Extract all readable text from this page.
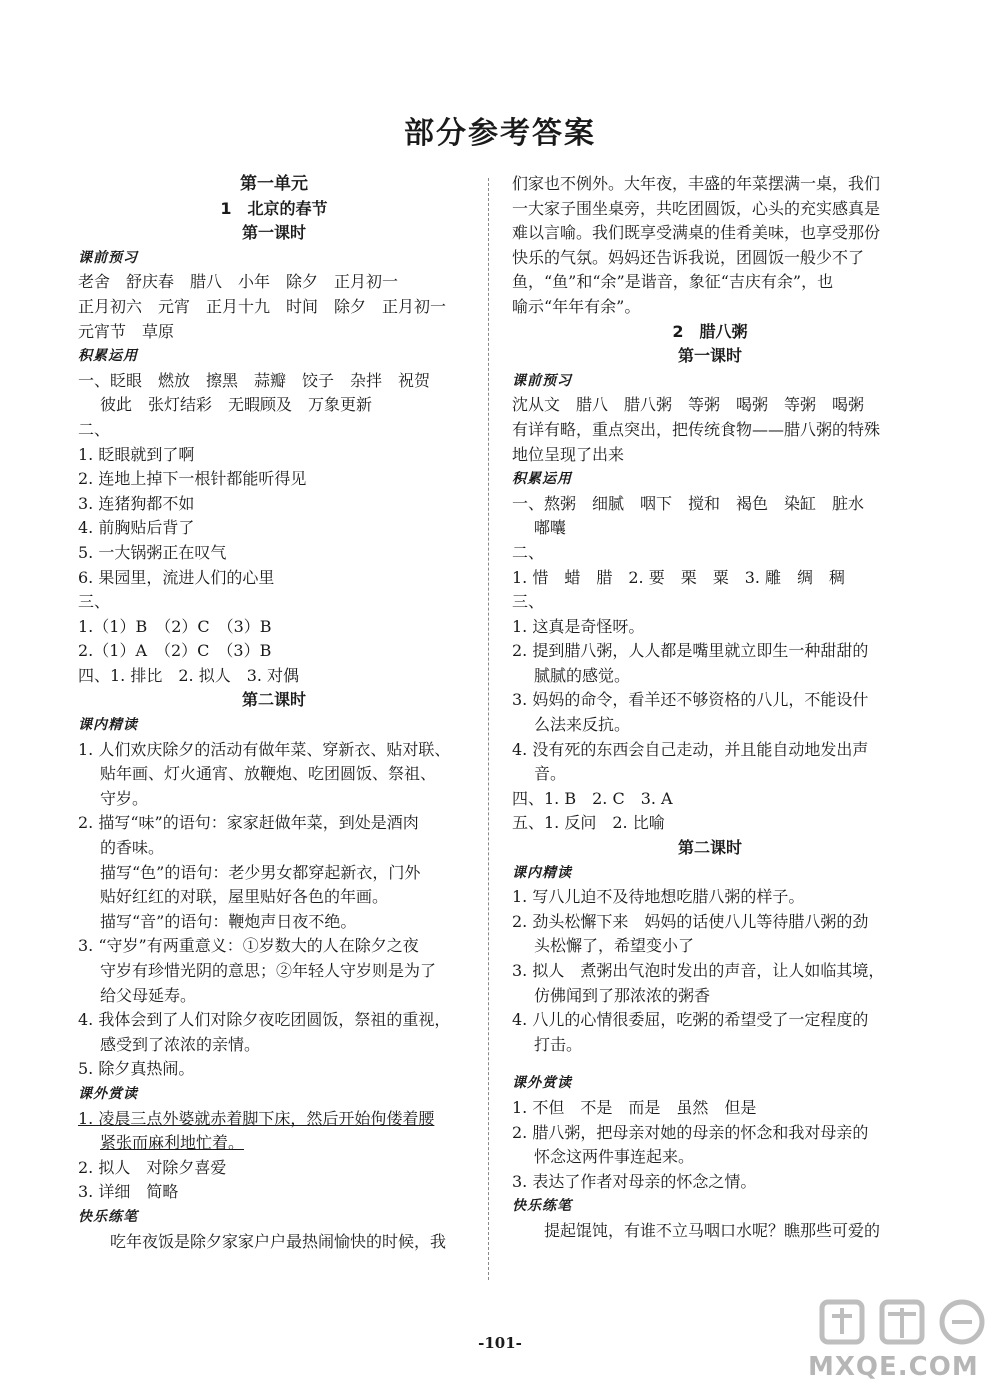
部分参考答案
第一单元
1　北京的春节
第一课时
课前预习
老舍　舒庆春　腊八　小年　除夕　正月初一
正月初六　元宵　正月十九　时间　除夕　正月初一
元宵节　草原
积累运用
一、眨眼　燃放　擦黑　蒜瓣　饺子　杂拌　祝贺
彼此　张灯结彩　无暇顾及　万象更新
二、
1. 眨眼就到了啊
2. 连地上掉下一根针都能听得见
3. 连猪狗都不如
4. 前胸贴后背了
5. 一大锅粥正在叹气
6. 果园里，流进人们的心里
三、
1.（1）B　（2）C　（3）B
2.（1）A　（2）C　（3）B
四、1. 排比　2. 拟人　3. 对偶
第二课时
课内精读
1. 人们欢庆除夕的活动有做年菜、穿新衣、贴对联、
贴年画、灯火通宵、放鞭炮、吃团圆饭、祭祖、
守岁。
2. 描写“味”的语句：家家赶做年菜，到处是酒肉
的香味。
描写“色”的语句：老少男女都穿起新衣，门外
贴好红红的对联，屋里贴好各色的年画。
描写“音”的语句：鞭炮声日夜不绝。
3. “守岁”有两重意义：①岁数大的人在除夕之夜
守岁有珍惜光阴的意思；②年轻人守岁则是为了
给父母延寿。
4. 我体会到了人们对除夕夜吃团圆饭，祭祖的重视，
感受到了浓浓的亲情。
5. 除夕真热闹。
课外赏读
1. 凌晨三点外婆就赤着脚下床，然后开始佝偻着腰
紧张而麻利地忙着。
2. 拟人　对除夕喜爱
3. 详细　简略
快乐练笔
吃年夜饭是除夕家家户户最热闹愉快的时候，我
们家也不例外。大年夜，丰盛的年菜摆满一桌，我们
一大家子围坐桌旁，共吃团圆饭，心头的充实感真是
难以言喻。我们既享受满桌的佳肴美味，也享受那份
快乐的气氛。妈妈还告诉我说，团圆饭一般少不了
鱼，“鱼”和“余”是谐音，象征“吉庆有余”，也
喻示“年年有余”。
2　腊八粥
第一课时
课前预习
沈从文　腊八　腊八粥　等粥　喝粥　等粥　喝粥
有详有略，重点突出，把传统食物——腊八粥的特殊
地位呈现了出来
积累运用
一、熬粥　细腻　咽下　搅和　褐色　染缸　脏水
嘟囔
二、
1. 惜　蜡　腊　2. 要　栗　粟　3. 雕　绸　稠
三、
1. 这真是奇怪呀。
2. 提到腊八粥，人人都是嘴里就立即生一种甜甜的
腻腻的感觉。
3. 妈妈的命令，看羊还不够资格的八儿，不能设什
么法来反抗。
4. 没有死的东西会自己走动，并且能自动地发出声
音。
四、1. B　2. C　3. A
五、1. 反问　2. 比喻
第二课时
课内精读
1. 写八儿迫不及待地想吃腊八粥的样子。
2. 劲头松懈下来　妈妈的话使八儿等待腊八粥的劲
头松懈了，希望变小了
3. 拟人　煮粥出气泡时发出的声音，让人如临其境，
仿佛闻到了那浓浓的粥香
4. 八儿的心情很委屈，吃粥的希望受了一定程度的
打击。
课外赏读
1. 不但　不是　而是　虽然　但是
2. 腊八粥，把母亲对她的母亲的怀念和我对母亲的
怀念这两件事连起来。
3. 表达了作者对母亲的怀念之情。
快乐练笔
提起馄饨，有谁不立马咽口水呢？瞧那些可爱的
-101-
MXQE.COM
